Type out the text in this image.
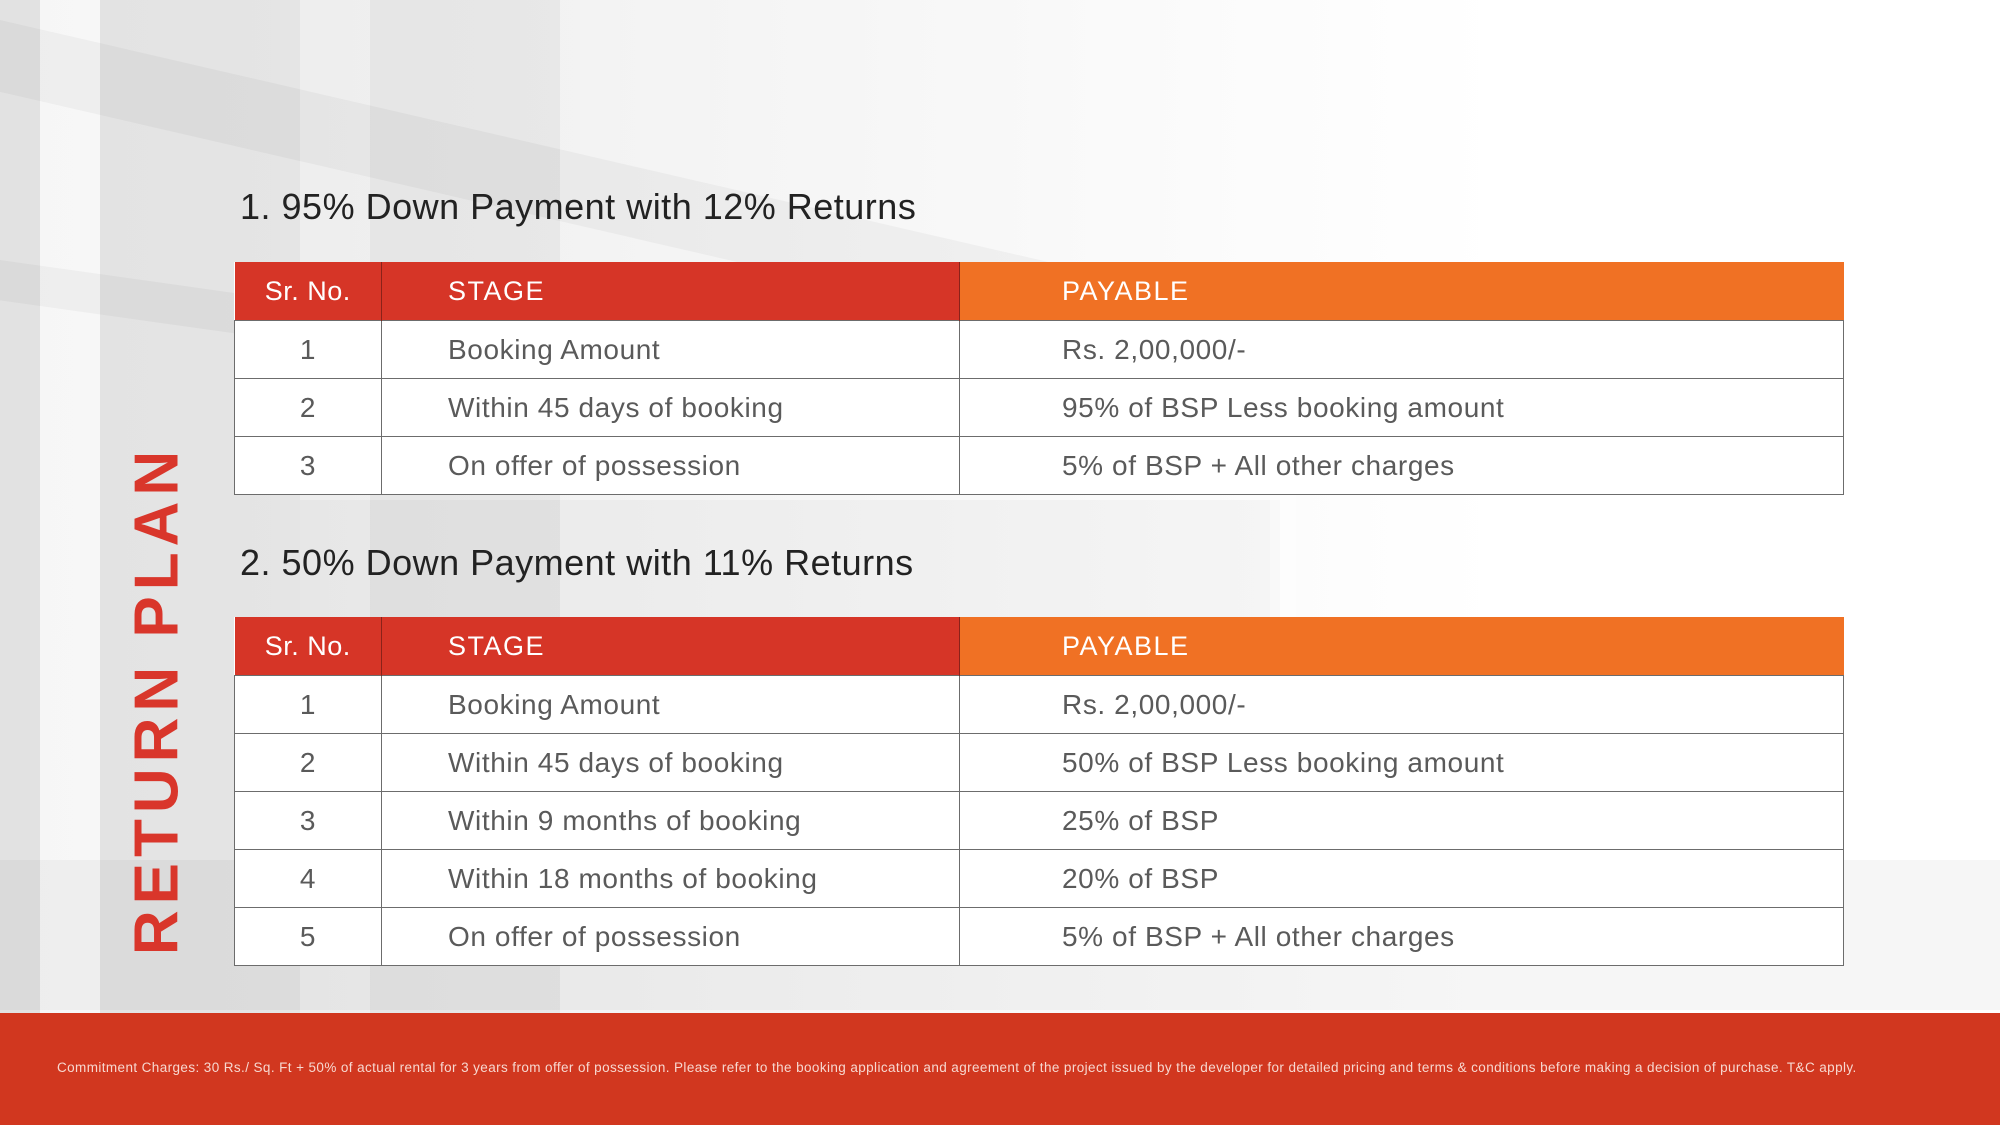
RETURN PLAN
1. 95% Down Payment with 12% Returns
Sr. No.	STAGE	PAYABLE
1	Booking Amount	Rs. 2,00,000/-
2	Within 45 days of booking	95% of BSP Less booking amount
3	On offer of possession	5% of BSP + All other charges
2. 50% Down Payment with 11% Returns
Sr. No.	STAGE	PAYABLE
1	Booking Amount	Rs. 2,00,000/-
2	Within 45 days of booking	50% of BSP Less booking amount
3	Within 9 months of booking	25% of BSP
4	Within 18 months of booking	20% of BSP
5	On offer of possession	5% of BSP + All other charges
Commitment Charges: 30 Rs./ Sq. Ft + 50% of actual rental for 3 years from offer of possession. Please refer to the booking application and agreement of the project issued by the developer for detailed pricing and terms & conditions before making a decision of purchase. T&C apply.
